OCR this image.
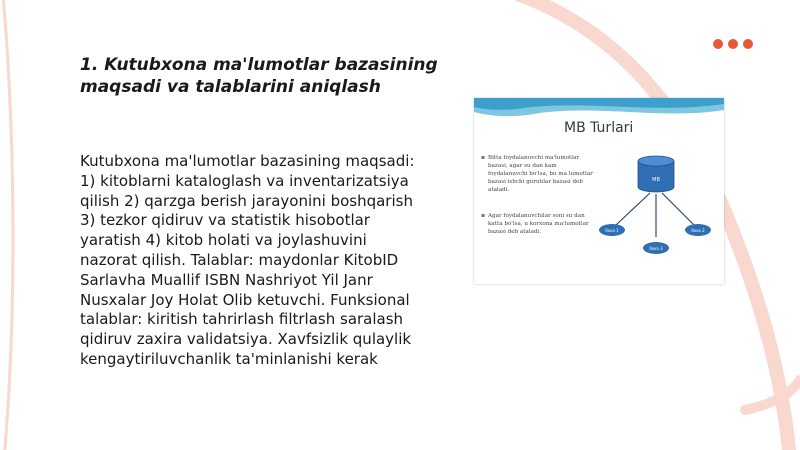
1. Kutubxona ma'lumotlar bazasining maqsadi va talablarini aniqlash

Kutubxona ma'lumotlar bazasining maqsadi: 1) kitoblarni kataloglash va inventarizatsiya qilish 2) qarzga berish jarayonini boshqarish 3) tezkor qidiruv va statistik hisobotlar yaratish 4) kitob holati va joylashuvini nazorat qilish. Talablar: maydonlar KitobID Sarlavha Muallif ISBN Nashriyot Yil Janr Nusxalar Joy Holat Olib ketuvchi. Funksional talablar: kiritish tahrirlash filtrlash saralash qidiruv zaxira validatsiya. Xavfsizlik qulaylik kengaytiriluvchanlik ta'minlanishi kerak

MB Turlari
▪ Bitta foydalanuvchi ma'lumotlar bazasi, agar su dan kam foydalanuvchi bo'lsa, bu ma lumotlar bazasi ishchi guruhlar bazasi deb ataladi.
▪ Agar foydalanuvchilar soni su dan katta bo'lsa, u korxona ma'lumotlar bazasi deb ataladi.
MB
Ilova 1	Ilova 2
Ilova 3
